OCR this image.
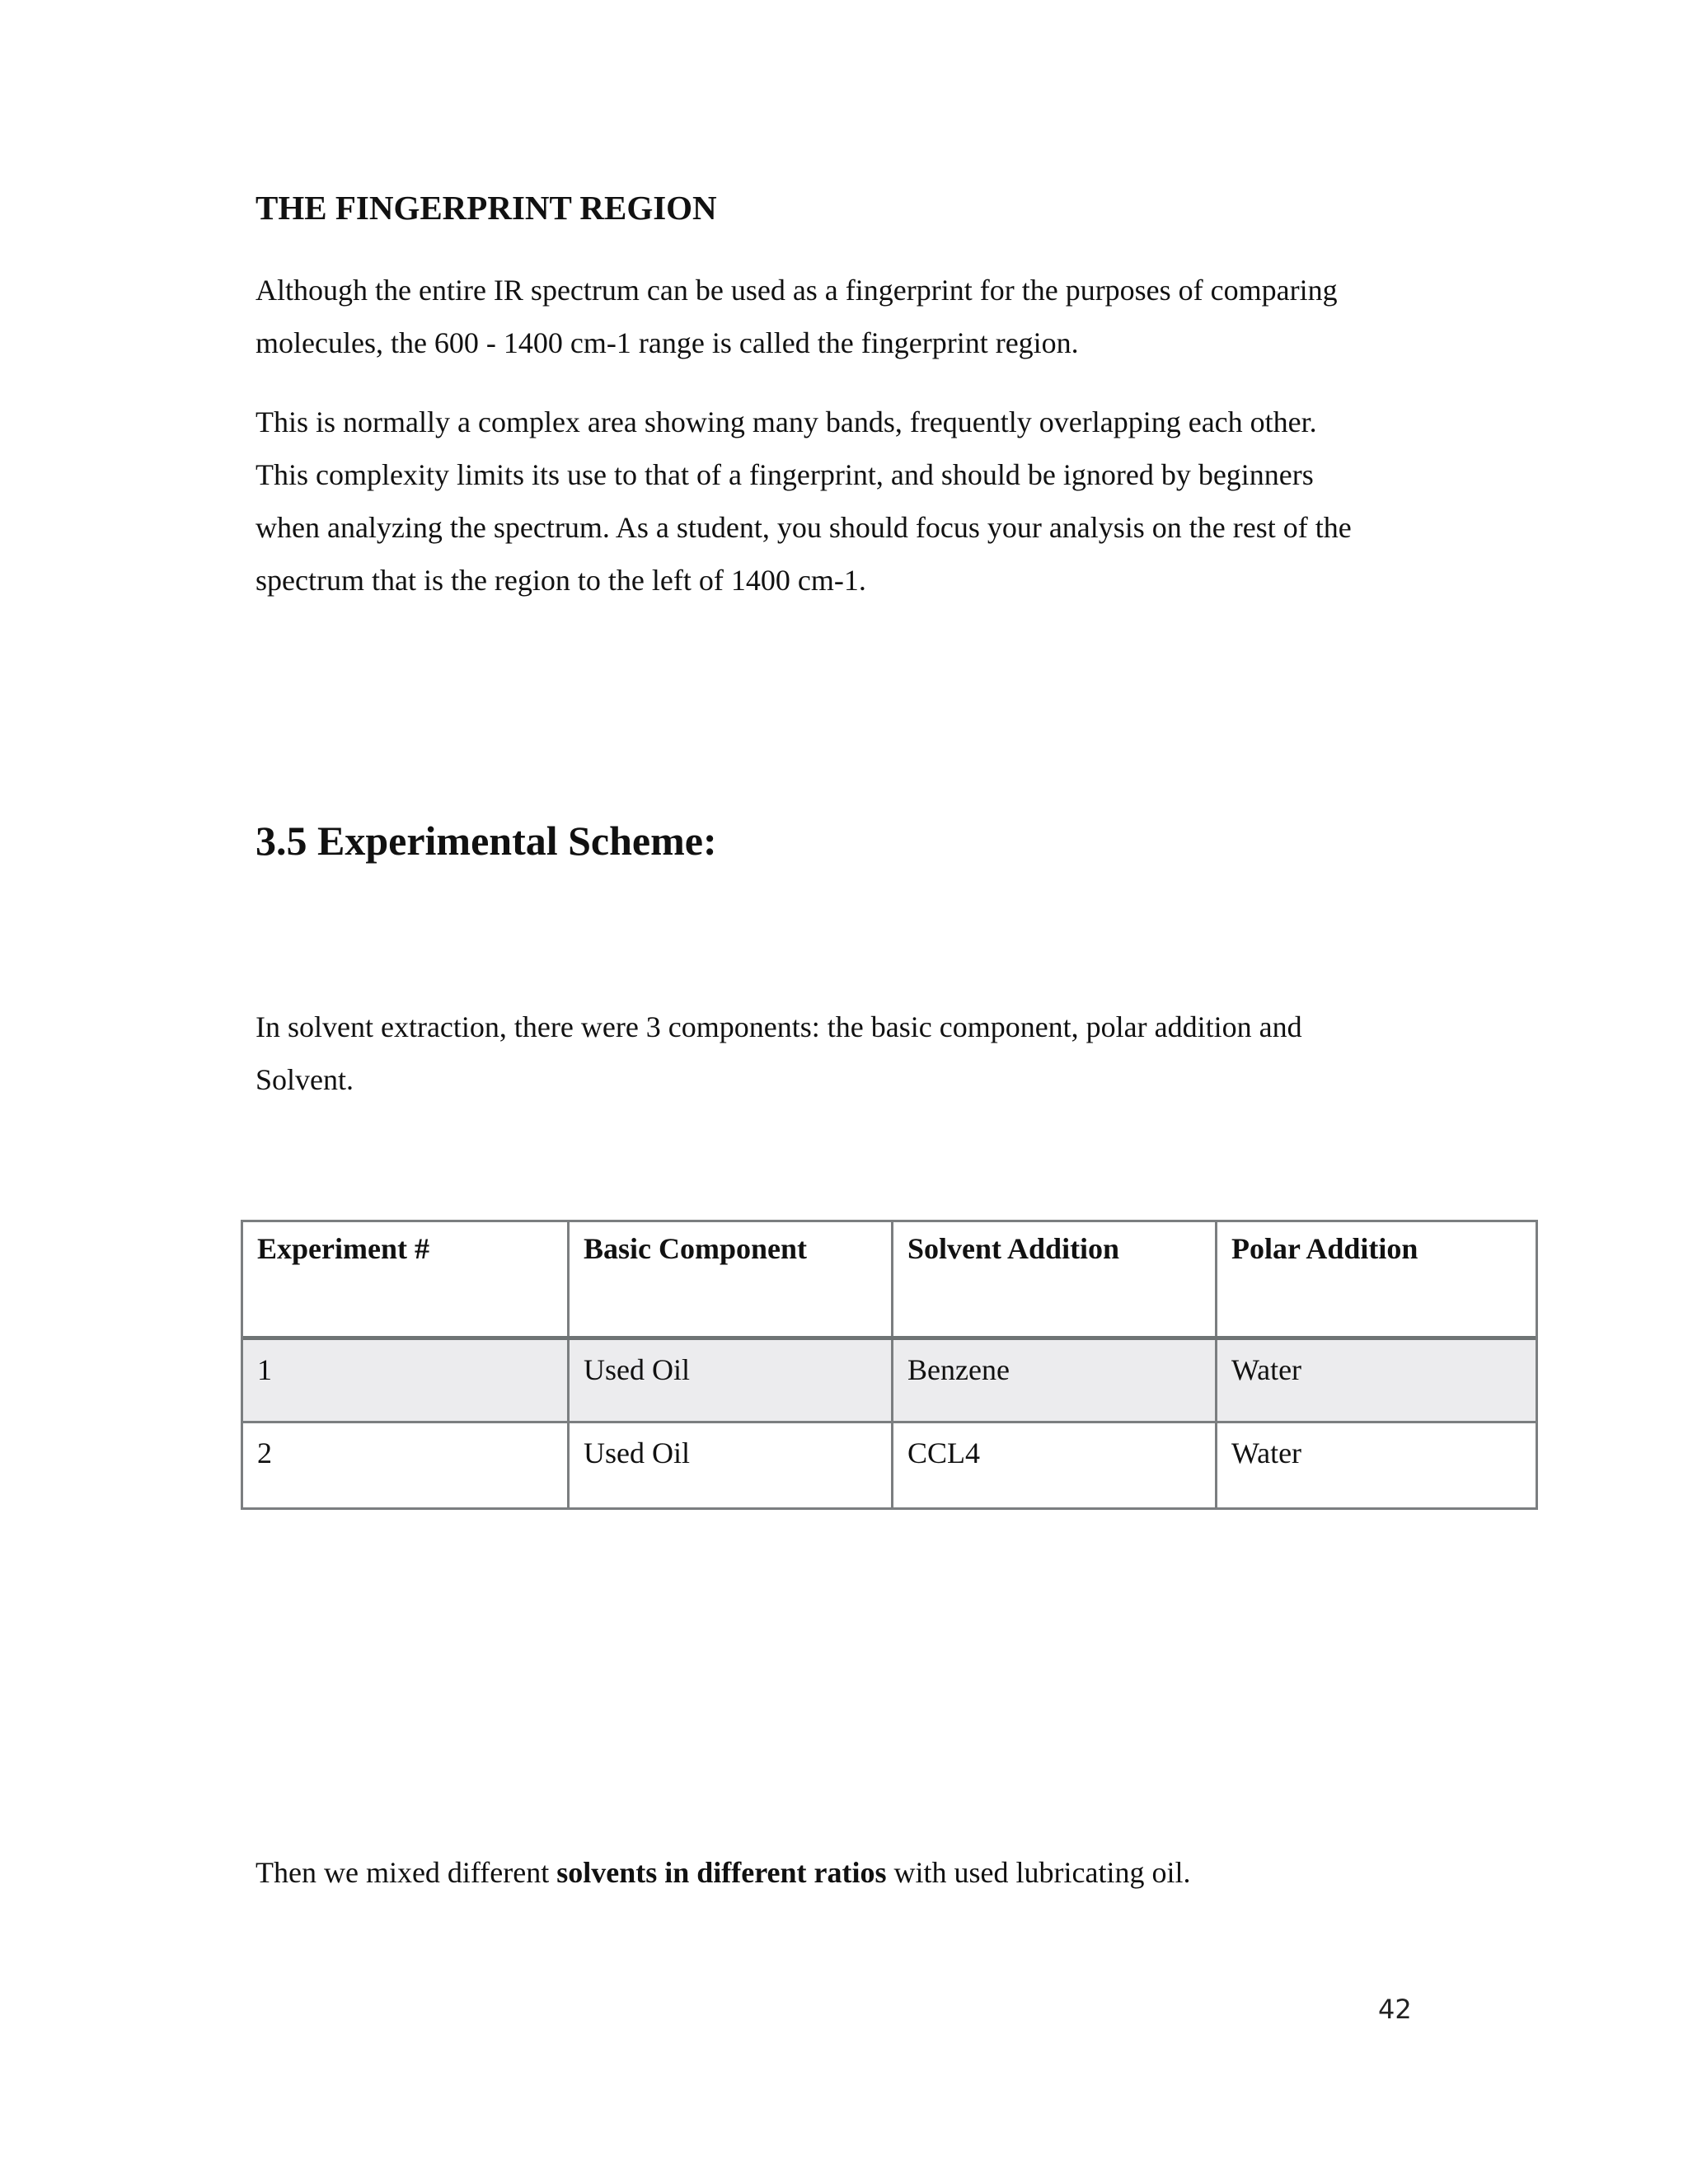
THE FINGERPRINT REGION
Although the entire IR spectrum can be used as a fingerprint for the purposes of comparing
molecules, the 600 - 1400 cm-1 range is called the fingerprint region.
This is normally a complex area showing many bands, frequently overlapping each other.
This complexity limits its use to that of a fingerprint, and should be ignored by beginners
when analyzing the spectrum. As a student, you should focus your analysis on the rest of the
spectrum that is the region to the left of 1400 cm-1.
3.5 Experimental Scheme:
In solvent extraction, there were 3 components: the basic component, polar addition and
Solvent.
Experiment #	Basic Component	Solvent Addition	Polar Addition
1	Used Oil	Benzene	Water
2	Used Oil	CCL4	Water
Then we mixed different solvents in different ratios with used lubricating oil.
42
